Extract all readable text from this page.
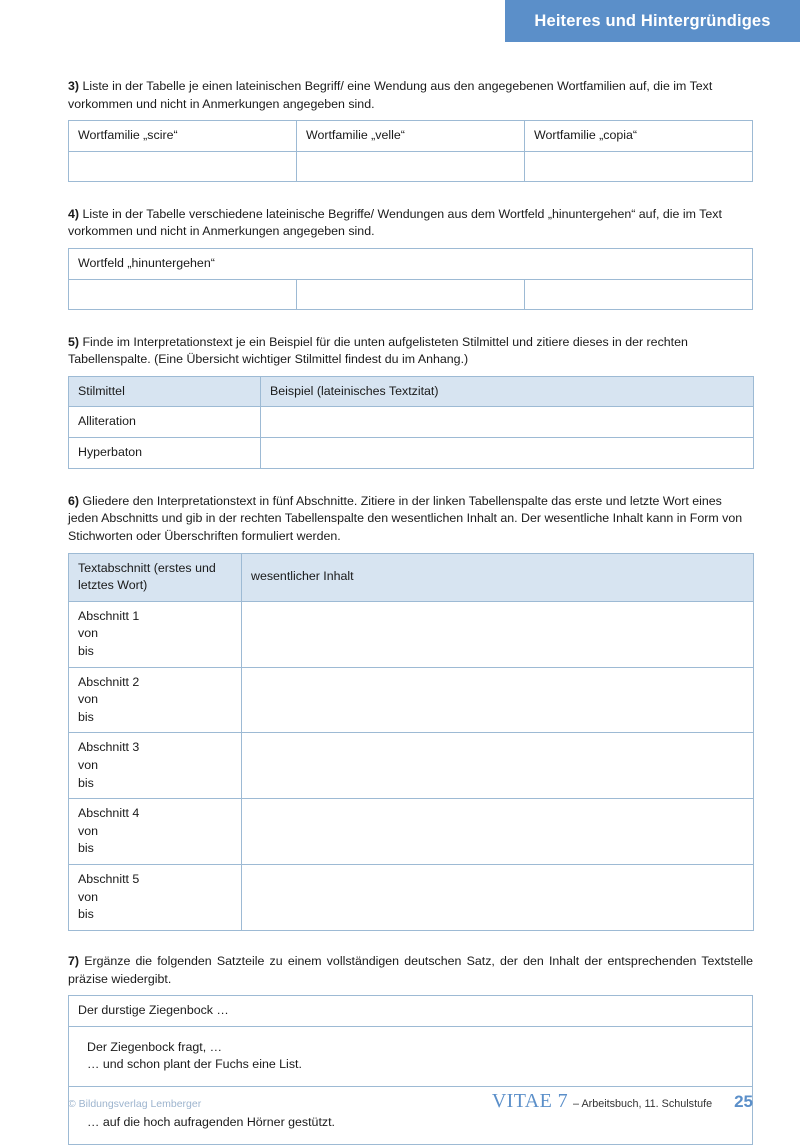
Heiteres und Hintergründiges

3) Liste in der Tabelle je einen lateinischen Begriff/ eine Wendung aus den angegebenen Wortfamilien auf, die im Text vorkommen und nicht in Anmerkungen angegeben sind.

Wortfamilie „scire“	Wortfamilie „velle“	Wortfamilie „copia“

4) Liste in der Tabelle verschiedene lateinische Begriffe/ Wendungen aus dem Wortfeld „hinuntergehen“ auf, die im Text vorkommen und nicht in Anmerkungen angegeben sind.

Wortfeld „hinuntergehen“

5) Finde im Interpretationstext je ein Beispiel für die unten aufgelisteten Stilmittel und zitiere dieses in der rechten Tabellenspalte. (Eine Übersicht wichtiger Stilmittel findest du im Anhang.)

Stilmittel	Beispiel (lateinisches Textzitat)
Alliteration	
Hyperbaton	

6) Gliedere den Interpretationstext in fünf Abschnitte. Zitiere in der linken Tabellenspalte das erste und letzte Wort eines jeden Abschnitts und gib in der rechten Tabellenspalte den wesentlichen Inhalt an. Der wesentliche Inhalt kann in Form von Stichworten oder Überschriften formuliert werden.

Textabschnitt (erstes und letztes Wort)	wesentlicher Inhalt

Abschnitt 1
von
bis	

Abschnitt 2
von
bis	

Abschnitt 3
von
bis	

Abschnitt 4
von
bis	

Abschnitt 5
von
bis	

7) Ergänze die folgenden Satzteile zu einem vollständigen deutschen Satz, der den Inhalt der entsprechenden Textstelle präzise wiedergibt.

Der durstige Ziegenbock …

Der Ziegenbock fragt, …
… und schon plant der Fuchs eine List.

… auf die hoch aufragenden Hörner gestützt.
© Bildungsverlag Lemberger	VITAE 7 – Arbeitsbuch, 11. Schulstufe 25
